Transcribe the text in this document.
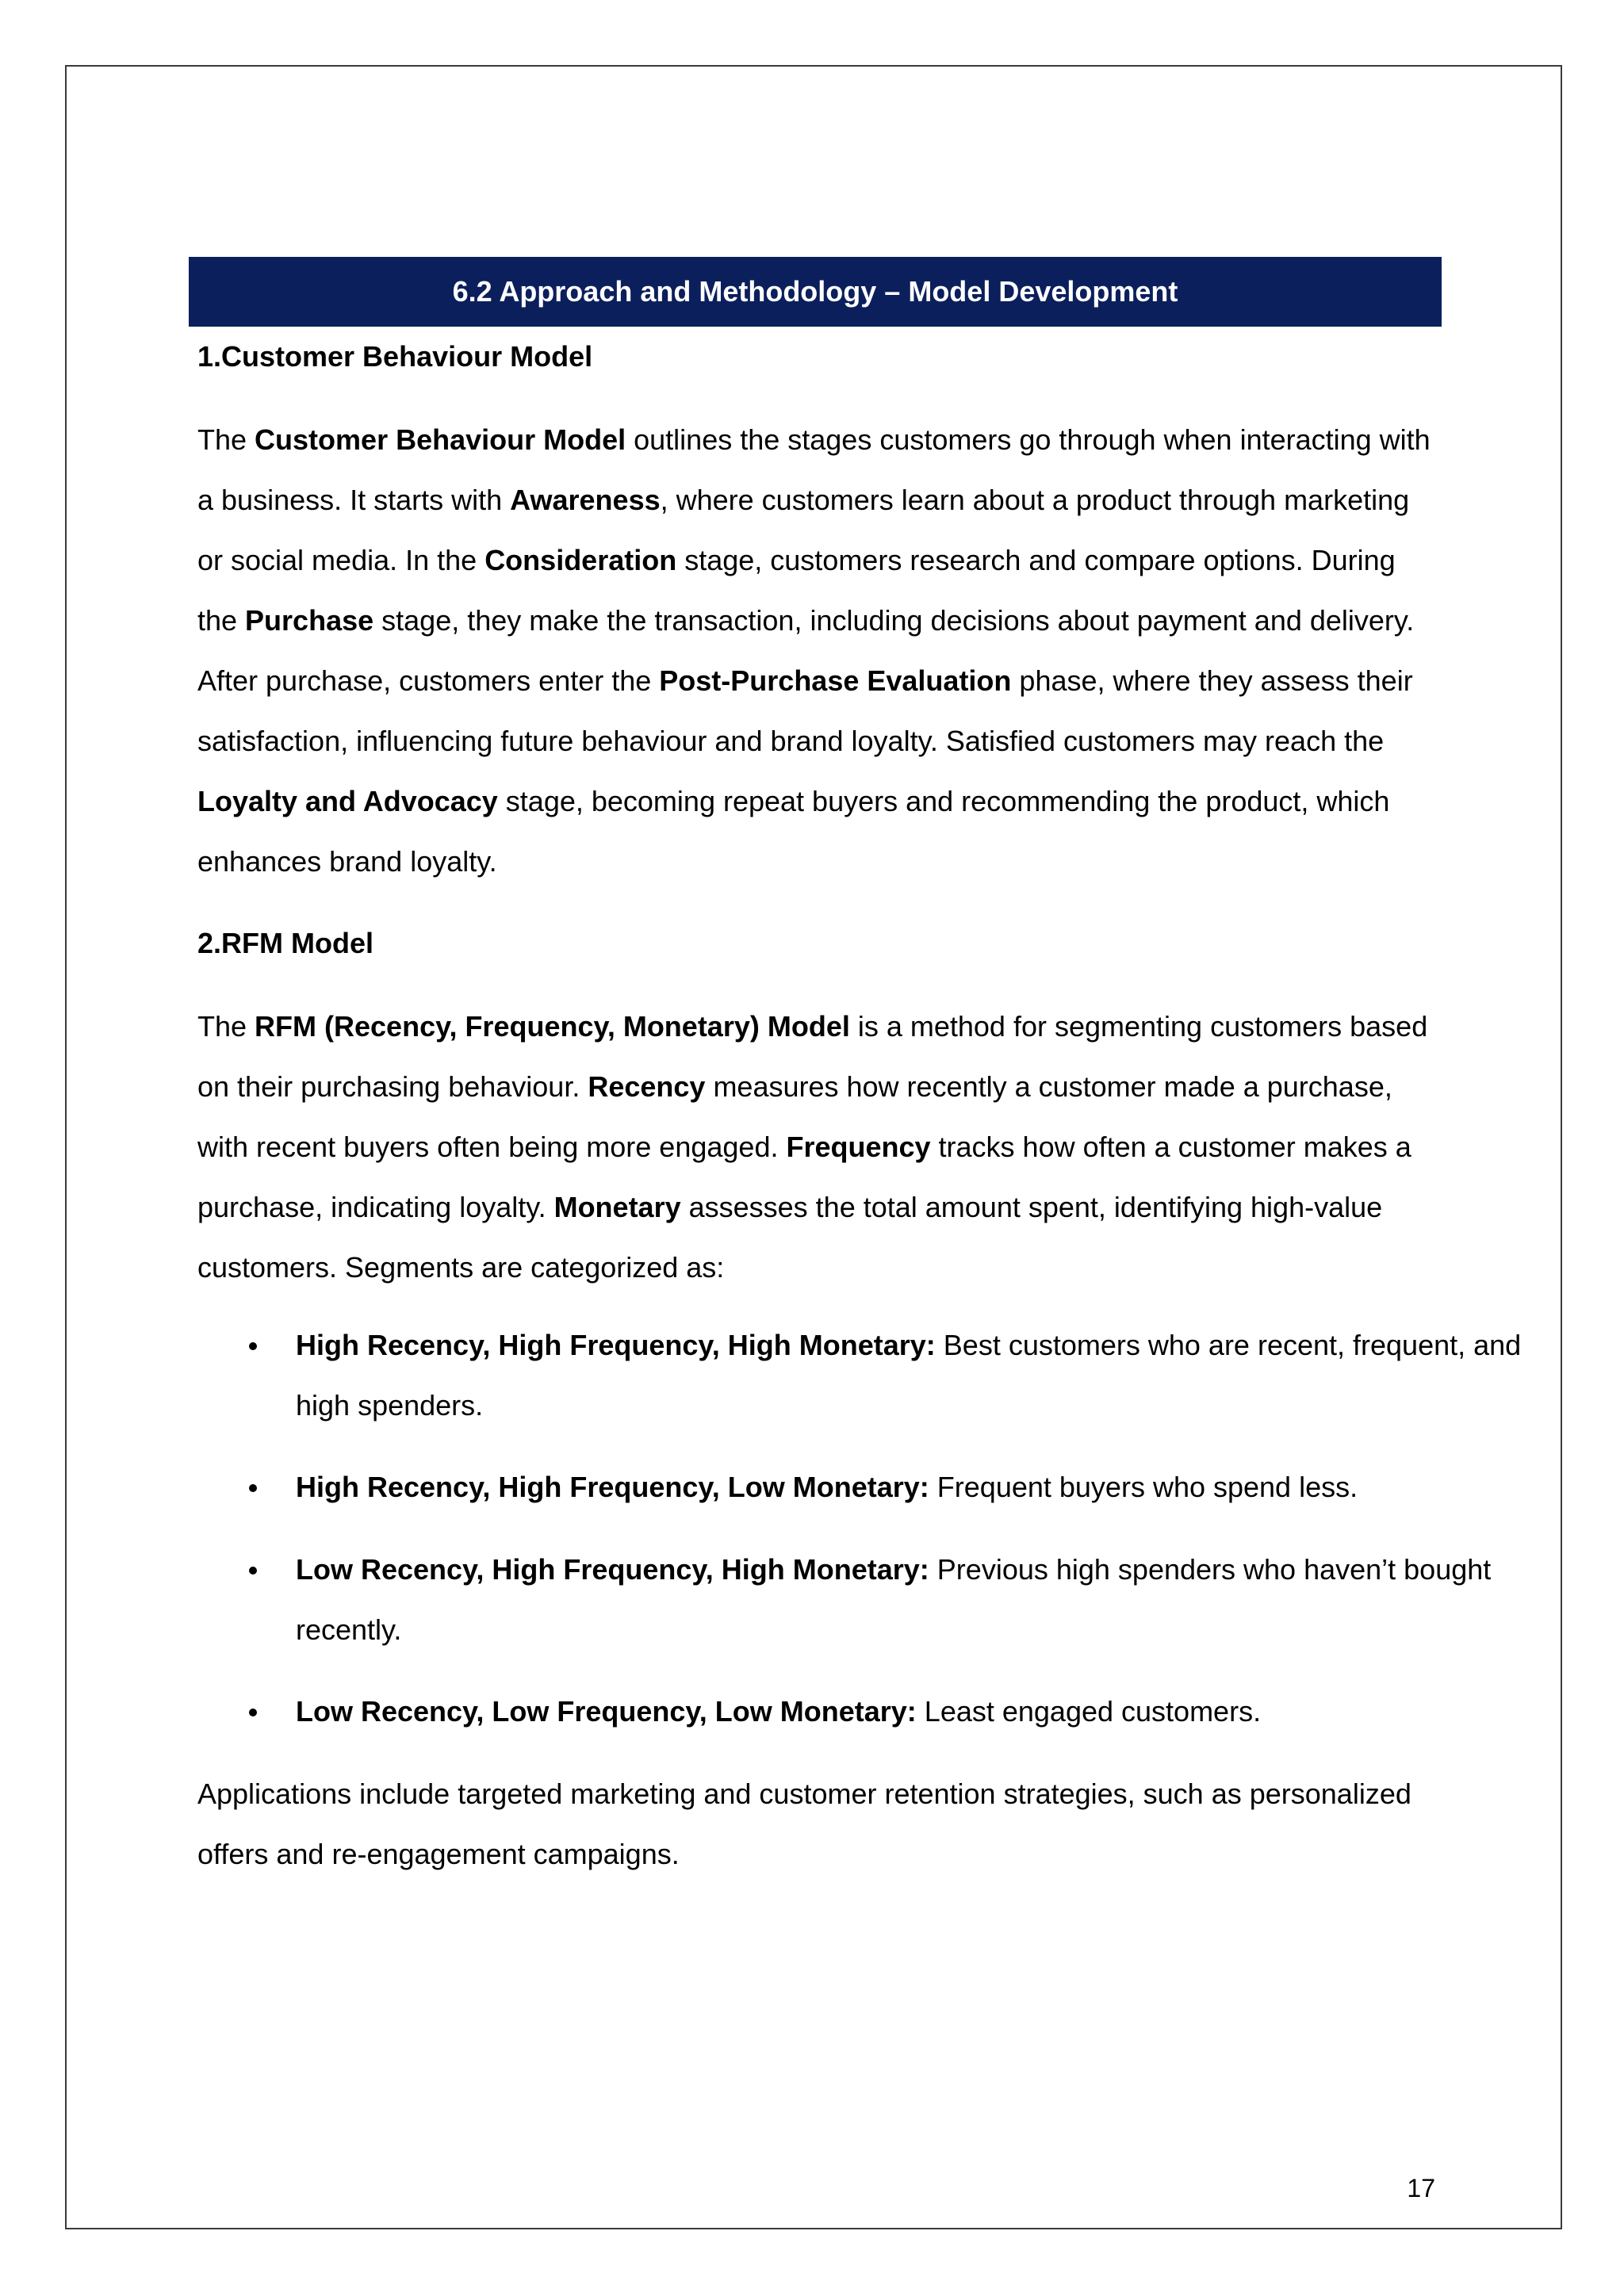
6.2 Approach and Methodology – Model Development
1.Customer Behaviour Model
The Customer Behaviour Model outlines the stages customers go through when interacting with a business. It starts with Awareness, where customers learn about a product through marketing or social media. In the Consideration stage, customers research and compare options. During the Purchase stage, they make the transaction, including decisions about payment and delivery. After purchase, customers enter the Post-Purchase Evaluation phase, where they assess their satisfaction, influencing future behaviour and brand loyalty. Satisfied customers may reach the Loyalty and Advocacy stage, becoming repeat buyers and recommending the product, which enhances brand loyalty.
2.RFM Model
The RFM (Recency, Frequency, Monetary) Model is a method for segmenting customers based on their purchasing behaviour. Recency measures how recently a customer made a purchase, with recent buyers often being more engaged. Frequency tracks how often a customer makes a purchase, indicating loyalty. Monetary assesses the total amount spent, identifying high-value customers. Segments are categorized as:
High Recency, High Frequency, High Monetary: Best customers who are recent, frequent, and high spenders.
High Recency, High Frequency, Low Monetary: Frequent buyers who spend less.
Low Recency, High Frequency, High Monetary: Previous high spenders who haven’t bought recently.
Low Recency, Low Frequency, Low Monetary: Least engaged customers.
Applications include targeted marketing and customer retention strategies, such as personalized offers and re-engagement campaigns.
17
